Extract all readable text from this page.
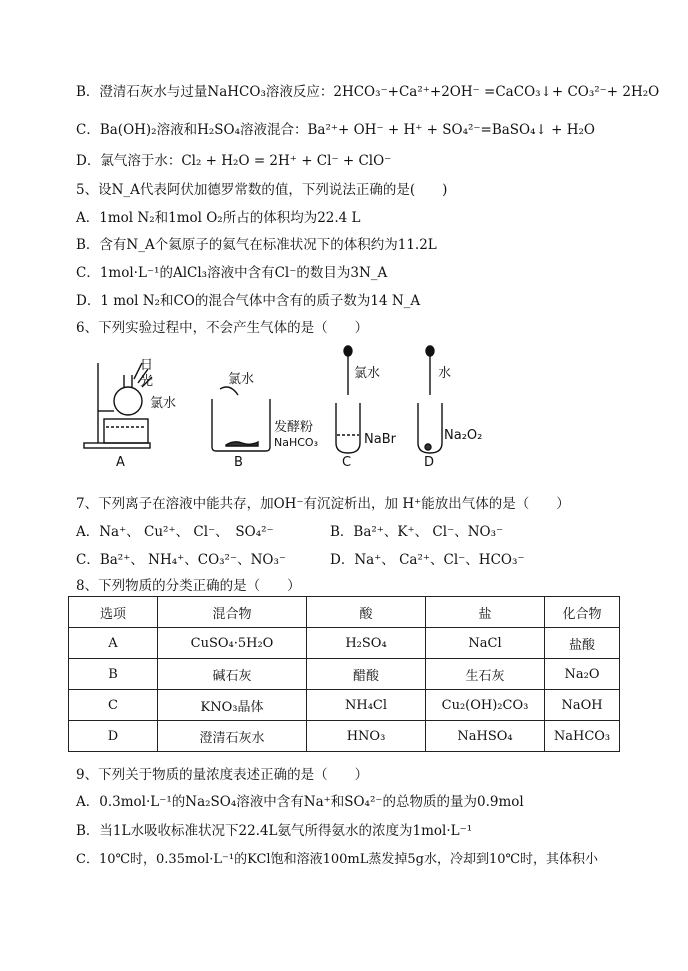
B．澄清石灰水与过量NaHCO₃溶液反应：2HCO₃⁻+Ca²⁺+2OH⁻ =CaCO₃↓+ CO₃²⁻+ 2H₂O
C．Ba(OH)₂溶液和H₂SO₄溶液混合：Ba²⁺+ OH⁻ + H⁺ + SO₄²⁻=BaSO₄↓ + H₂O
D．氯气溶于水：Cl₂ + H₂O = 2H⁺ + Cl⁻ + ClO⁻
5、设N_A代表阿伏加德罗常数的值，下列说法正确的是(　　)
A．1mol N₂和1mol O₂所占的体积均为22.4 L
B．含有N_A个氦原子的氦气在标准状况下的体积约为11.2L
C．1mol·L⁻¹的AlCl₃溶液中含有Cl⁻的数目为3N_A
D．1 mol N₂和CO的混合气体中含有的质子数为14 N_A
6、下列实验过程中，不会产生气体的是（　　）
日
光
氯水
A
氯水
发酵粉
NaHCO₃
B
氯水
NaBr
C
水
Na₂O₂
D
7、下列离子在溶液中能共存，加OH⁻有沉淀析出，加 H⁺能放出气体的是（　　）
A．Na⁺、 Cu²⁺、 Cl⁻、　SO₄²⁻	B．Ba²⁺、K⁺、 Cl⁻、NO₃⁻
C．Ba²⁺、 NH₄⁺、CO₃²⁻、NO₃⁻	D．Na⁺、 Ca²⁺、Cl⁻、HCO₃⁻
8、下列物质的分类正确的是（　　）
选项	混合物	酸	盐	化合物
A	CuSO₄·5H₂O	H₂SO₄	NaCl	盐酸
B	碱石灰	醋酸	生石灰	Na₂O
C	KNO₃晶体	NH₄Cl	Cu₂(OH)₂CO₃	NaOH
D	澄清石灰水	HNO₃	NaHSO₄	NaHCO₃
9、下列关于物质的量浓度表述正确的是（　　）
A．0.3mol·L⁻¹的Na₂SO₄溶液中含有Na⁺和SO₄²⁻的总物质的量为0.9mol
B．当1L水吸收标准状况下22.4L氨气所得氨水的浓度为1mol·L⁻¹
C．10℃时，0.35mol·L⁻¹的KCl饱和溶液100mL蒸发掉5g水，冷却到10℃时，其体积小
